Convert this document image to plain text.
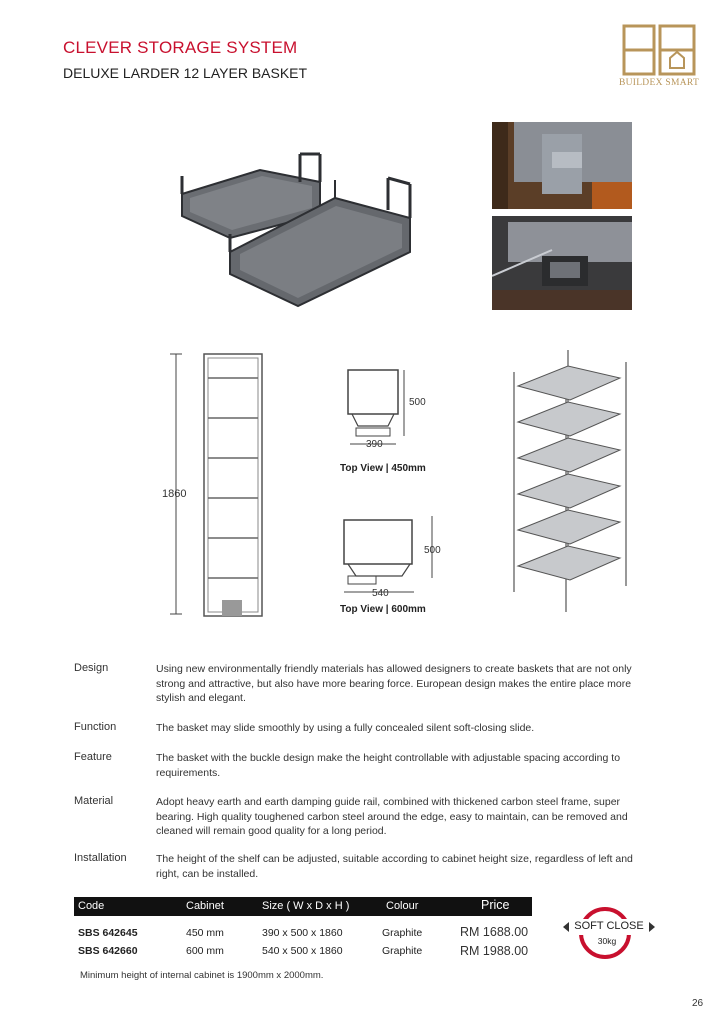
CLEVER STORAGE SYSTEM
DELUXE LARDER 12 LAYER BASKET
BUILDEX SMART
1860
500
390
Top View | 450mm
500
540
Top View | 600mm
Design	Using new environmentally friendly materials has allowed designers to create baskets that are not only strong and attractive, but also have more bearing force. European design makes the entire place more stylish and elegant.
Function	The basket may slide smoothly by using a fully concealed silent soft-closing slide.
Feature	The basket with the buckle design make the height controllable with adjustable spacing according to requirements.
Material	Adopt heavy earth and earth damping guide rail, combined with thickened carbon steel frame, super bearing. High quality toughened carbon steel around the edge, easy to maintain, can be removed and cleaned will remain good quality for a long period.
Installation	The height of the shelf can be adjusted, suitable according to cabinet height size, regardless of left and right, can be installed.
Code	Cabinet	Size ( W x D x H )	Colour	Price
SBS 642645	450 mm	390 x 500 x 1860	Graphite	RM 1688.00
SBS 642660	600 mm	540 x 500 x 1860	Graphite	RM 1988.00
SOFT CLOSE
30kg
Minimum height of internal cabinet is 1900mm x 2000mm.
26
